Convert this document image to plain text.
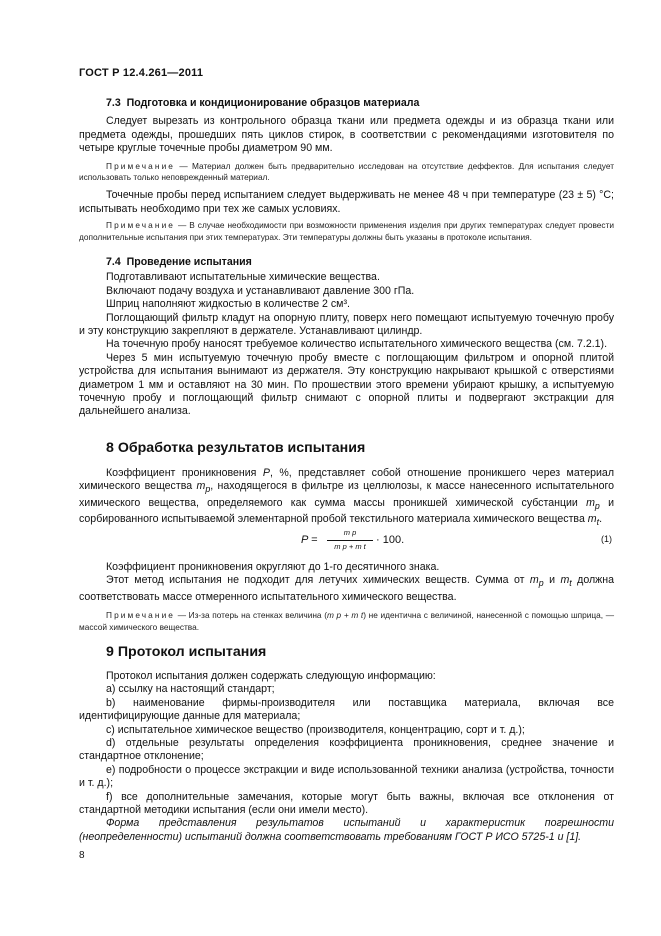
ГОСТ Р 12.4.261—2011
7.3 Подготовка и кондиционирование образцов материала

Следует вырезать из контрольного образца ткани или предмета одежды и из образца ткани или предмета одежды, прошедших пять циклов стирок, в соответствии с рекомендациями изготовителя по четыре круглые точечные пробы диаметром 90 мм.

Примечание — Материал должен быть предварительно исследован на отсутствие деффектов. Для испытания следует использовать только неповрежденный материал.

Точечные пробы перед испытанием следует выдерживать не менее 48 ч при температуре (23 ± 5) °С; испытывать необходимо при тех же самых условиях.

Примечание — В случае необходимости при возможности применения изделия при других температурах следует провести дополнительные испытания при этих температурах. Эти температуры должны быть указаны в протоколе испытания.

7.4 Проведение испытания

Подготавливают испытательные химические вещества.

Включают подачу воздуха и устанавливают давление 300 гПа.

Шприц наполняют жидкостью в количестве 2 см³.

Поглощающий фильтр кладут на опорную плиту, поверх него помещают испытуемую точечную пробу и эту конструкцию закрепляют в держателе. Устанавливают цилиндр.

На точечную пробу наносят требуемое количество испытательного химического вещества (см. 7.2.1).

Через 5 мин испытуемую точечную пробу вместе с поглощающим фильтром и опорной плитой устройства для испытания вынимают из держателя. Эту конструкцию накрывают крышкой с отверстиями диаметром 1 мм и оставляют на 30 мин. По прошествии этого времени убирают крышку, а испытуемую точечную пробу и поглощающий фильтр снимают с опорной плиты и подвергают экстракции для дальнейшего анализа.

8 Обработка результатов испытания

Коэффициент проникновения P, %, представляет собой отношение проникшего через материал химического вещества $m_p$, находящегося в фильтре из целлюлозы, к массе нанесенного испытательного химического вещества, определяемого как сумма массы проникшей химической субстанции $m_p$ и сорбированного испытываемой элементарной пробой текстильного материала химического вещества $m_t$.

$P = \frac{\text{m p}}{\text{m p + m t}} \cdot 100$.	(1)

Коэффициент проникновения округляют до 1-го десятичного знака.

Этот метод испытания не подходит для летучих химических веществ. Сумма от $m_p$ и $m_t$ должна соответствовать массе отмеренного испытательного химического вещества.

Примечание — Из-за потерь на стенках величина (m p + m t) не идентична с величиной, нанесенной с помощью шприца, — массой химического вещества.

9 Протокол испытания

Протокол испытания должен содержать следующую информацию:

a) ссылку на настоящий стандарт;

b) наименование фирмы-производителя или поставщика материала, включая все идентифицирующие данные для материала;

c) испытательное химическое вещество (производителя, концентрацию, сорт и т. д.);

d) отдельные результаты определения коэффициента проникновения, среднее значение и стандартное отклонение;

e) подробности о процессе экстракции и виде использованной техники анализа (устройства, точности и т. д.);

f) все дополнительные замечания, которые могут быть важны, включая все отклонения от стандартной методики испытания (если они имели место).

Форма представления результатов испытаний и характеристик погрешности (неопределенности) испытаний должна соответствовать требованиям ГОСТ Р ИСО 5725-1 и [1].

8
